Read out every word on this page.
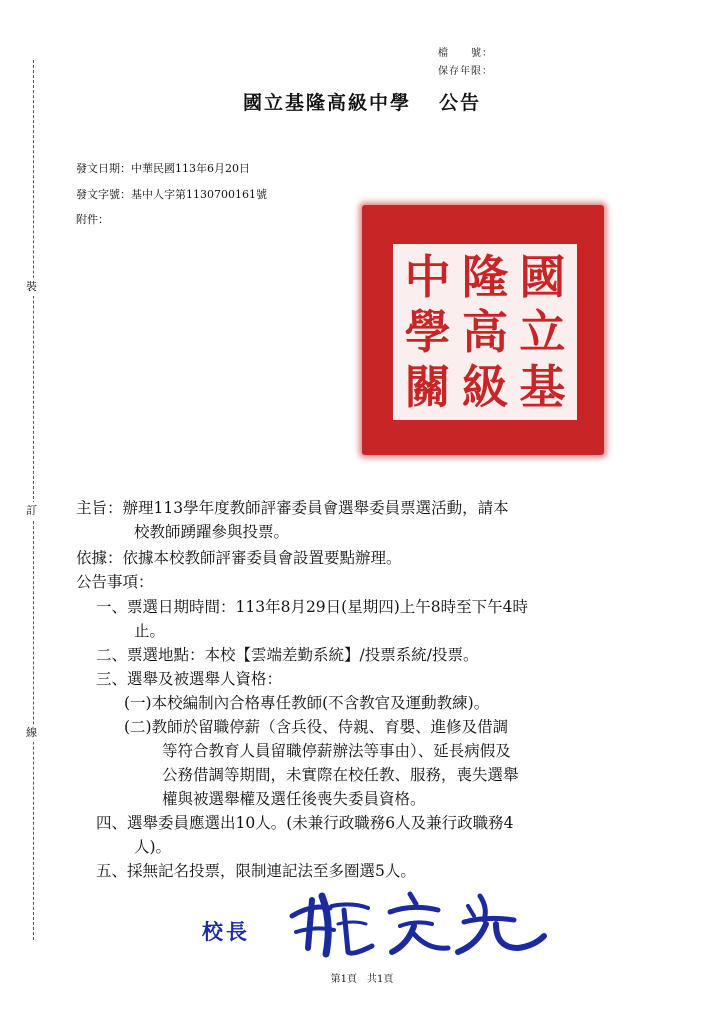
裝
訂
線
檔　　號：
保存年限：
國立基隆高級中學 公告
發文日期：中華民國113年6月20日
發文字號：基中人字第1130700161號
附件：
中 隆 國
學 高 立
關 級 基
主旨：辦理113學年度教師評審委員會選舉委員票選活動，請本
校教師踴躍參與投票。
依據：依據本校教師評審委員會設置要點辦理。
公告事項：
一、票選日期時間：113年8月29日(星期四)上午8時至下午4時
止。
二、票選地點：本校【雲端差勤系統】/投票系統/投票。
三、選舉及被選舉人資格：
(一)本校編制內合格專任教師(不含教官及運動教練)。
(二)教師於留職停薪（含兵役、侍親、育嬰、進修及借調
等符合教育人員留職停薪辦法等事由）、延長病假及
公務借調等期間，未實際在校任教、服務，喪失選舉
權與被選舉權及選任後喪失委員資格。
四、選舉委員應選出10人。(未兼行政職務6人及兼行政職務4
人)。
五、採無記名投票，限制連記法至多圈選5人。
校長
第1頁　共1頁
